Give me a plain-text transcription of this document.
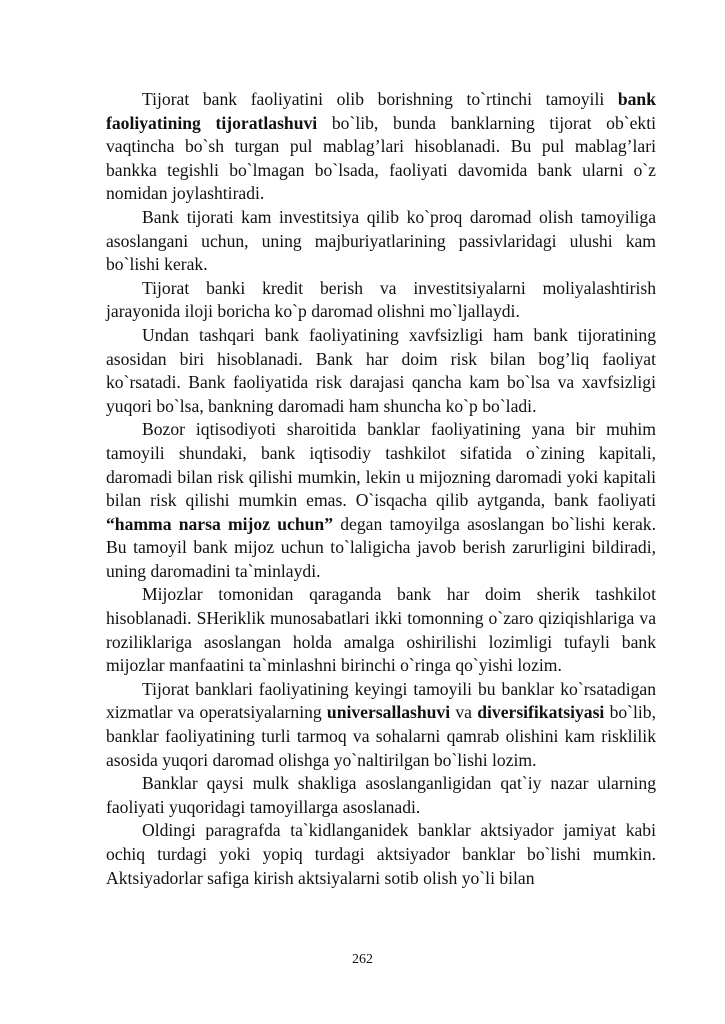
Tijorat bank faoliyatini olib borishning to`rtinchi tamoyili bank faoliyatining tijoratlashuvi bo`lib, bunda banklarning tijorat ob`ekti vaqtincha bo`sh turgan pul mablag’lari hisoblanadi. Bu pul mablag’lari bankka tegishli bo`lmagan bo`lsada, faoliyati davomida bank ularni o`z nomidan joylashtiradi.

Bank tijorati kam investitsiya qilib ko`proq daromad olish tamoyiliga asoslangani uchun, uning majburiyatlarining passivlaridagi ulushi kam bo`lishi kerak.

Tijorat banki kredit berish va investitsiyalarni moliyalashtirish jarayonida iloji boricha ko`p daromad olishni mo`ljallaydi.

Undan tashqari bank faoliyatining xavfsizligi ham bank tijoratining asosidan biri hisoblanadi. Bank har doim risk bilan bog’liq faoliyat ko`rsatadi. Bank faoliyatida risk darajasi qancha kam bo`lsa va xavfsizligi yuqori bo`lsa, bankning daromadi ham shuncha ko`p bo`ladi.

Bozor iqtisodiyoti sharoitida banklar faoliyatining yana bir muhim tamoyili shundaki, bank iqtisodiy tashkilot sifatida o`zining kapitali, daromadi bilan risk qilishi mumkin, lekin u mijozning daromadi yoki kapitali bilan risk qilishi mumkin emas. O`isqacha qilib aytganda, bank faoliyati “hamma narsa mijoz uchun” degan tamoyilga asoslangan bo`lishi kerak. Bu tamoyil bank mijoz uchun to`laligicha javob berish zarurligini bildiradi, uning daromadini ta`minlaydi.

Mijozlar tomonidan qaraganda bank har doim sherik tashkilot hisoblanadi. SHeriklik munosabatlari ikki tomonning o`zaro qiziqishlariga va roziliklariga asoslangan holda amalga oshirilishi lozimligi tufayli bank mijozlar manfaatini ta`minlashni birinchi o`ringa qo`yishi lozim.

Tijorat banklari faoliyatining keyingi tamoyili bu banklar ko`rsatadigan xizmatlar va operatsiyalarning universallashuvi va diversifikatsiyasi bo`lib, banklar faoliyatining turli tarmoq va sohalarni qamrab olishini kam risklilik asosida yuqori daromad olishga yo`naltirilgan bo`lishi lozim.

Banklar qaysi mulk shakliga asoslanganligidan qat`iy nazar ularning faoliyati yuqoridagi tamoyillarga asoslanadi.

Oldingi paragrafda ta`kidlanganidek banklar aktsiyador jamiyat kabi ochiq turdagi yoki yopiq turdagi aktsiyador banklar bo`lishi mumkin. Aktsiyadorlar safiga kirish aktsiyalarni sotib olish yo`li bilan

262
